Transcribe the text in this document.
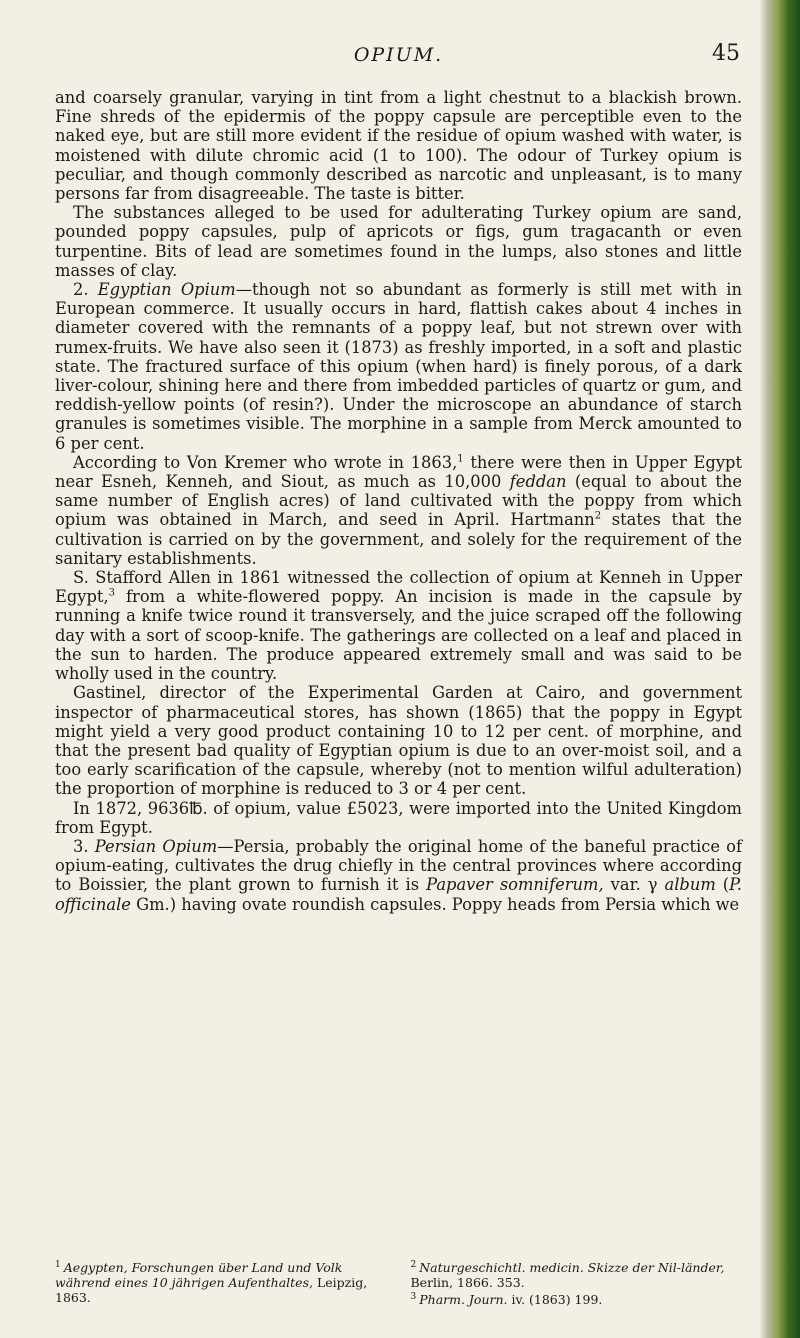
OPIUM.	45

and coarsely granular, varying in tint from a light chestnut to a blackish brown. Fine shreds of the epidermis of the poppy capsule are perceptible even to the naked eye, but are still more evident if the residue of opium washed with water, is moistened with dilute chromic acid (1 to 100). The odour of Turkey opium is peculiar, and though commonly described as narcotic and unpleasant, is to many persons far from disagreeable. The taste is bitter.

The substances alleged to be used for adulterating Turkey opium are sand, pounded poppy capsules, pulp of apricots or figs, gum tragacanth or even turpentine. Bits of lead are sometimes found in the lumps, also stones and little masses of clay.

2. Egyptian Opium—though not so abundant as formerly is still met with in European commerce. It usually occurs in hard, flattish cakes about 4 inches in diameter covered with the remnants of a poppy leaf, but not strewn over with rumex-fruits. We have also seen it (1873) as freshly imported, in a soft and plastic state. The fractured surface of this opium (when hard) is finely porous, of a dark liver-colour, shining here and there from imbedded particles of quartz or gum, and reddish-yellow points (of resin?). Under the microscope an abundance of starch granules is sometimes visible. The morphine in a sample from Merck amounted to 6 per cent.

According to Von Kremer who wrote in 1863,$^1$ there were then in Upper Egypt near Esneh, Kenneh, and Siout, as much as 10,000 feddan (equal to about the same number of English acres) of land cultivated with the poppy from which opium was obtained in March, and seed in April. Hartmann$^2$ states that the cultivation is carried on by the government, and solely for the requirement of the sanitary establishments.

S. Stafford Allen in 1861 witnessed the collection of opium at Kenneh in Upper Egypt,$^3$ from a white-flowered poppy. An incision is made in the capsule by running a knife twice round it transversely, and the juice scraped off the following day with a sort of scoop-knife. The gatherings are collected on a leaf and placed in the sun to harden. The produce appeared extremely small and was said to be wholly used in the country.

Gastinel, director of the Experimental Garden at Cairo, and government inspector of pharmaceutical stores, has shown (1865) that the poppy in Egypt might yield a very good product containing 10 to 12 per cent. of morphine, and that the present bad quality of Egyptian opium is due to an over-moist soil, and a too early scarification of the capsule, whereby (not to mention wilful adulteration) the proportion of morphine is reduced to 3 or 4 per cent.

In 1872, 9636℔. of opium, value £5023, were imported into the United Kingdom from Egypt.

3. Persian Opium—Persia, probably the original home of the baneful practice of opium-eating, cultivates the drug chiefly in the central provinces where according to Boissier, the plant grown to furnish it is Papaver somniferum, var. γ album (P. officinale Gm.) having ovate roundish capsules. Poppy heads from Persia which we

$^1$ Aegypten, Forschungen über Land und Volk während eines 10 jährigen Aufenthaltes, Leipzig, 1863.
$^2$ Naturgeschichtl. medicin. Skizze der Nil-länder, Berlin, 1866. 353.
$^3$ Pharm. Journ. iv. (1863) 199.
